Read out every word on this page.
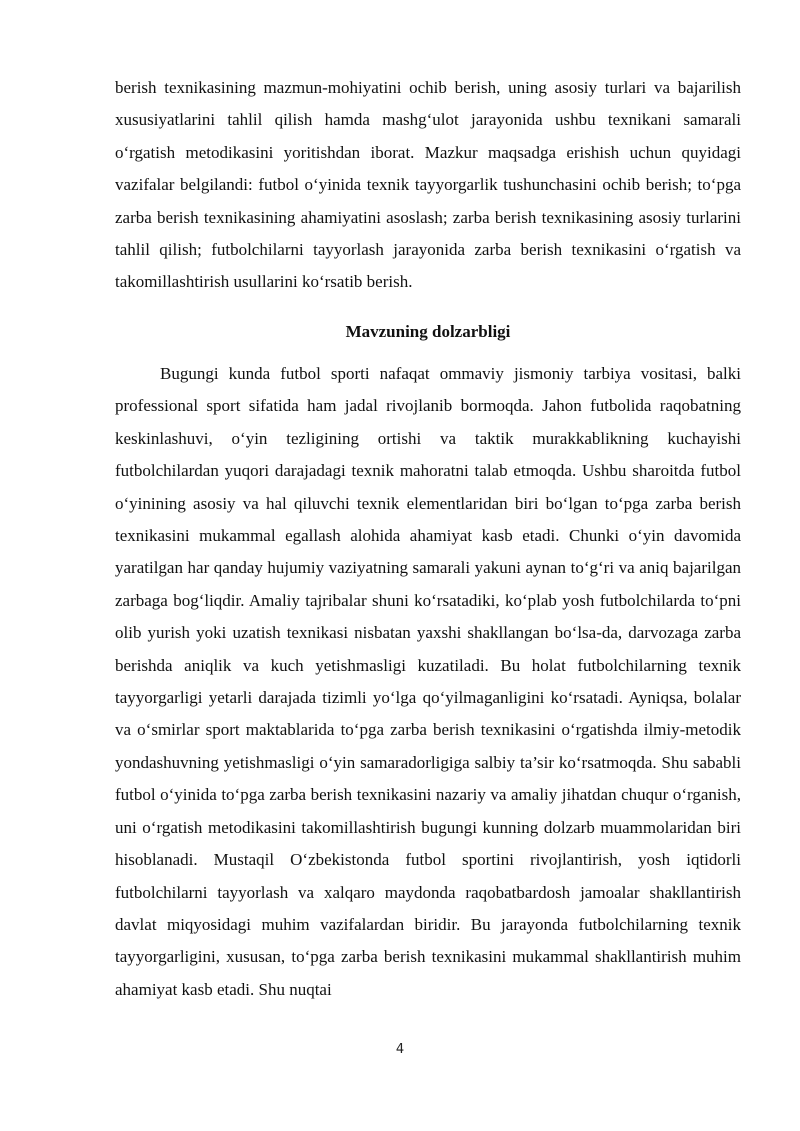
berish texnikasining mazmun-mohiyatini ochib berish, uning asosiy turlari va bajarilish xususiyatlarini tahlil qilish hamda mashg‘ulot jarayonida ushbu texnikani samarali o‘rgatish metodikasini yoritishdan iborat. Mazkur maqsadga erishish uchun quyidagi vazifalar belgilandi: futbol o‘yinida texnik tayyorgarlik tushunchasini ochib berish; to‘pga zarba berish texnikasining ahamiyatini asoslash; zarba berish texnikasining asosiy turlarini tahlil qilish; futbolchilarni tayyorlash jarayonida zarba berish texnikasini o‘rgatish va takomillashtirish usullarini ko‘rsatib berish.

Mavzuning dolzarbligi

Bugungi kunda futbol sporti nafaqat ommaviy jismoniy tarbiya vositasi, balki professional sport sifatida ham jadal rivojlanib bormoqda. Jahon futbolida raqobatning keskinlashuvi, o‘yin tezligining ortishi va taktik murakkablikning kuchayishi futbolchilardan yuqori darajadagi texnik mahoratni talab etmoqda. Ushbu sharoitda futbol o‘yinining asosiy va hal qiluvchi texnik elementlaridan biri bo‘lgan to‘pga zarba berish texnikasini mukammal egallash alohida ahamiyat kasb etadi. Chunki o‘yin davomida yaratilgan har qanday hujumiy vaziyatning samarali yakuni aynan to‘g‘ri va aniq bajarilgan zarbaga bog‘liqdir. Amaliy tajribalar shuni ko‘rsatadiki, ko‘plab yosh futbolchilarda to‘pni olib yurish yoki uzatish texnikasi nisbatan yaxshi shakllangan bo‘lsa-da, darvozaga zarba berishda aniqlik va kuch yetishmasligi kuzatiladi. Bu holat futbolchilarning texnik tayyorgarligi yetarli darajada tizimli yo‘lga qo‘yilmaganligini ko‘rsatadi. Ayniqsa, bolalar va o‘smirlar sport maktablarida to‘pga zarba berish texnikasini o‘rgatishda ilmiy-metodik yondashuvning yetishmasligi o‘yin samaradorligiga salbiy ta’sir ko‘rsatmoqda. Shu sababli futbol o‘yinida to‘pga zarba berish texnikasini nazariy va amaliy jihatdan chuqur o‘rganish, uni o‘rgatish metodikasini takomillashtirish bugungi kunning dolzarb muammolaridan biri hisoblanadi. Mustaqil O‘zbekistonda futbol sportini rivojlantirish, yosh iqtidorli futbolchilarni tayyorlash va xalqaro maydonda raqobatbardosh jamoalar shakllantirish davlat miqyosidagi muhim vazifalardan biridir. Bu jarayonda futbolchilarning texnik tayyorgarligini, xususan, to‘pga zarba berish texnikasini mukammal shakllantirish muhim ahamiyat kasb etadi. Shu nuqtai

4
